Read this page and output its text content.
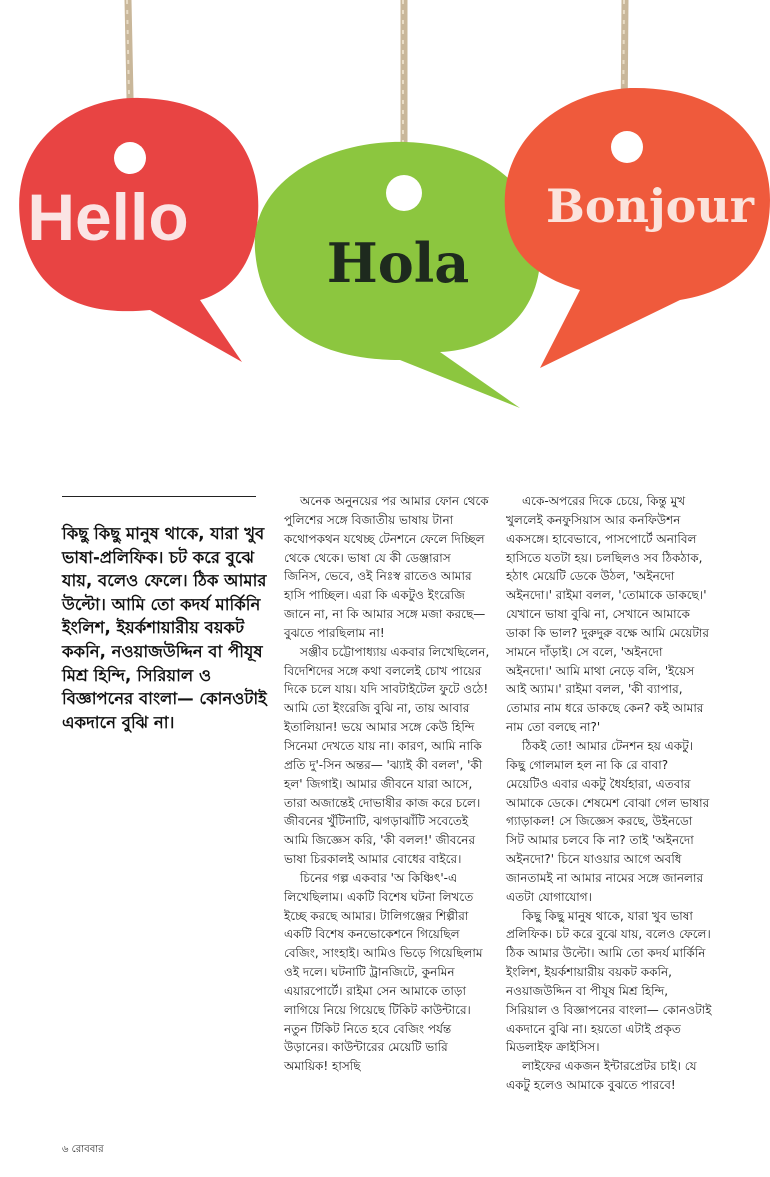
Hello
Hola
Bonjour

কিছু কিছু মানুষ থাকে, যারা খুব ভাষা-প্রলিফিক। চট করে বুঝে যায়, বলেও ফেলে। ঠিক আমার উল্টো। আমি তো কদর্য মার্কিনি ইংলিশ, ইয়র্কশায়ারীয় বয়কট ককনি, নওয়াজউদ্দিন বা পীযূষ মিশ্র হিন্দি, সিরিয়াল ও বিজ্ঞাপনের বাংলা— কোনওটাই একদানে বুঝি না।

অনেক অনুনয়ের পর আমার ফোন থেকে পুলিশের সঙ্গে বিজাতীয় ভাষায় টানা কথোপকথন যথেচ্ছ টেনশনে ফেলে দিচ্ছিল থেকে থেকে। ভাষা যে কী ডেঞ্জারাস জিনিস, ভেবে, ওই নিঃস্ব রাতেও আমার হাসি পাচ্ছিল। এরা কি একটুও ইংরেজি জানে না, না কি আমার সঙ্গে মজা করছে— বুঝতে পারছিলাম না!

সঞ্জীব চট্টোপাধ্যায় একবার লিখেছিলেন, বিদেশিদের সঙ্গে কথা বললেই চোখ পায়ের দিকে চলে যায়। যদি সাবটাইটেল ফুটে ওঠে! আমি তো ইংরেজি বুঝি না, তায় আবার ইতালিয়ান! ভয়ে আমার সঙ্গে কেউ হিন্দি সিনেমা দেখতে যায় না। কারণ, আমি নাকি প্রতি দু'-সিন অন্তর— 'ঝ্যাই কী বলল', 'কী হল' জিগাই। আমার জীবনে যারা আসে, তারা অজান্তেই দোভাষীর কাজ করে চলে। জীবনের খুঁটিনাটি, ঝগড়াঝাঁটি সবেতেই আমি জিজ্ঞেস করি, 'কী বলল!' জীবনের ভাষা চিরকালই আমার বোধের বাইরে।

চিনের গল্প একবার 'অ কিঞ্চিৎ'-এ লিখেছিলাম। একটি বিশেষ ঘটনা লিখতে ইচ্ছে করছে আমার। টালিগঞ্জের শিল্পীরা একটি বিশেষ কনভোকেশনে গিয়েছিল বেজিং, সাংহাই। আমিও ভিড়ে গিয়েছিলাম ওই দলে। ঘটনাটি ট্রানজিটে, কুনমিন এয়ারপোর্টে। রাইমা সেন আমাকে তাড়া লাগিয়ে নিয়ে গিয়েছে টিকিট কাউন্টারে। নতুন টিকিট নিতে হবে বেজিং পর্যন্ত উড়ানের। কাউন্টারের মেয়েটি ভারি অমায়িক! হাসছি

একে-অপরের দিকে চেয়ে, কিন্তু মুখ খুললেই কনফুসিয়াস আর কনফিউশন একসঙ্গে। হাবেভাবে, পাসপোর্টে অনাবিল হাসিতে যতটা হয়। চলছিলও সব ঠিকঠাক, হঠাৎ মেয়েটি ডেকে উঠল, 'অইনদো অইনদো।' রাইমা বলল, 'তোমাকে ডাকছে।' যেখানে ভাষা বুঝি না, সেখানে আমাকে ডাকা কি ভাল? দুরুদুরু বক্ষে আমি মেয়েটার সামনে দাঁড়াই। সে বলে, 'অইনদো অইনদো।' আমি মাথা নেড়ে বলি, 'ইয়েস আই অ্যাম।' রাইমা বলল, 'কী ব্যাপার, তোমার নাম ধরে ডাকছে কেন? কই আমার নাম তো বলছে না?'

ঠিকই তো! আমার টেনশন হয় একটু। কিছু গোলমাল হল না কি রে বাবা? মেয়েটিও এবার একটু ধৈর্যহারা, এতবার আমাকে ডেকে। শেষমেশ বোঝা গেল ভাষার গ্যাড়াকল! সে জিজ্ঞেস করছে, উইনডো সিট আমার চলবে কি না? তাই 'অইনদো অইনদো?' চিনে যাওয়ার আগে অবধি জানতামই না আমার নামের সঙ্গে জানলার এতটা যোগাযোগ।

কিছু কিছু মানুষ থাকে, যারা খুব ভাষা প্রলিফিক। চট করে বুঝে যায়, বলেও ফেলে। ঠিক আমার উল্টো। আমি তো কদর্য মার্কিনি ইংলিশ, ইয়র্কশায়ারীয় বয়কট ককনি, নওয়াজউদ্দিন বা পীযূষ মিশ্র হিন্দি, সিরিয়াল ও বিজ্ঞাপনের বাংলা— কোনওটাই একদানে বুঝি না। হয়তো এটাই প্রকৃত মিডলাইফ ক্রাইসিস।

লাইফের একজন ইন্টারপ্রেটর চাই। যে একটু হলেও আমাকে বুঝতে পারবে!

৬ রোববার
